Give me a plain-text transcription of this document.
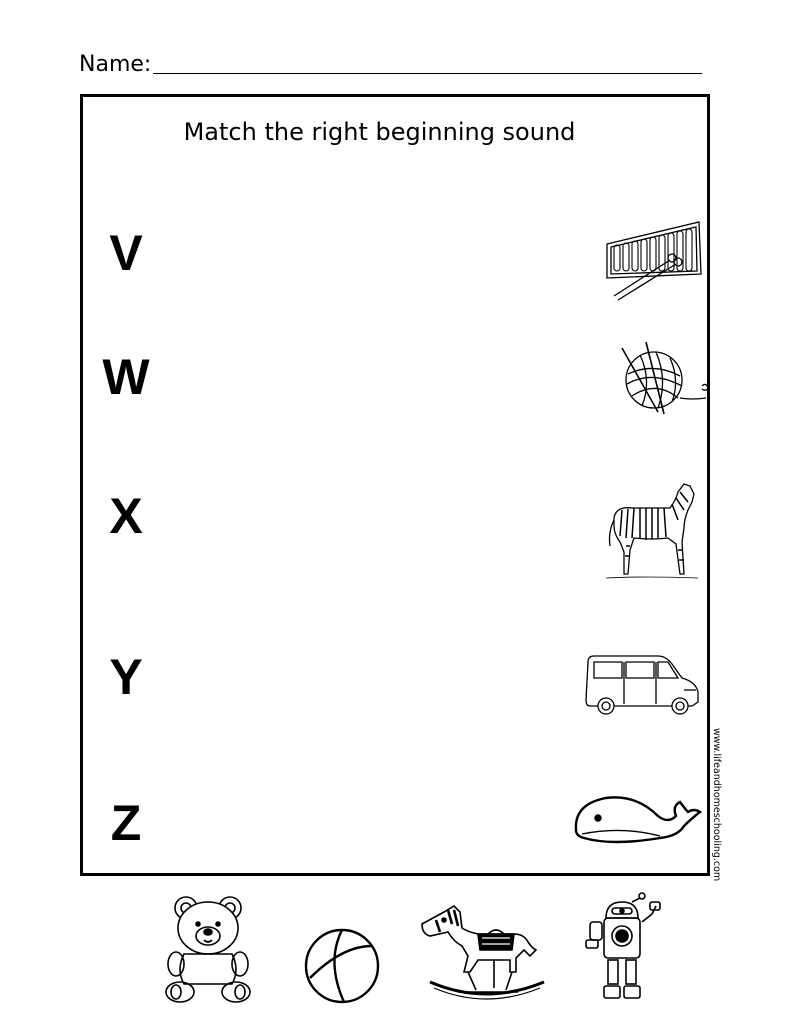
Name:
Match the right beginning sound
V
W
X
Y
Z	www.lifeandhomeschooling.com
